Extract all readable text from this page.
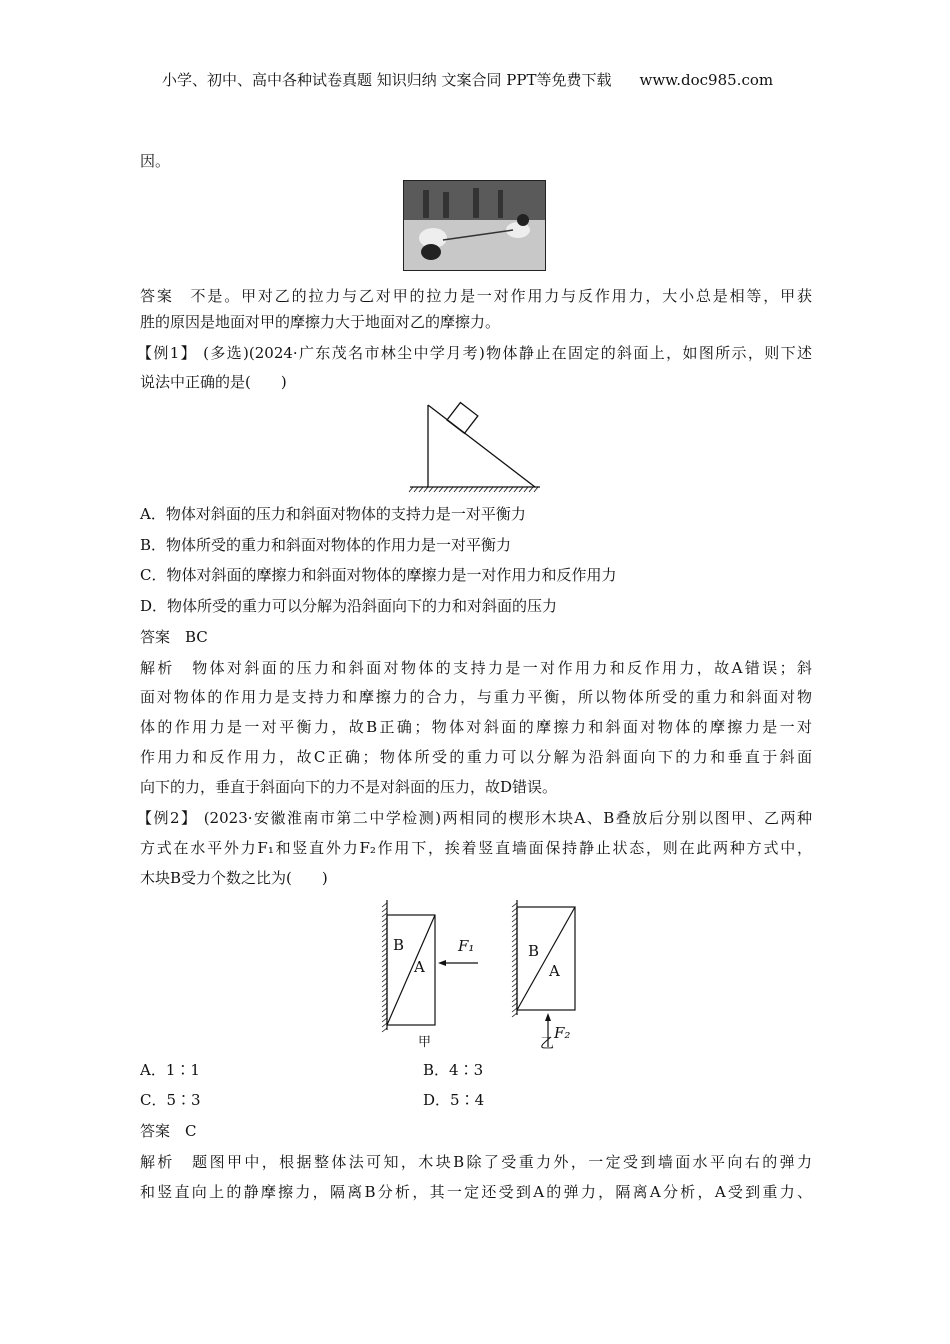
小学、初中、高中各种试卷真题 知识归纳 文案合同 PPT等免费下载 www.doc985.com
因。
答案　不是。甲对乙的拉力与乙对甲的拉力是一对作用力与反作用力，大小总是相等，甲获
胜的原因是地面对甲的摩擦力大于地面对乙的摩擦力。
【例1】 (多选)(2024·广东茂名市林尘中学月考)物体静止在固定的斜面上，如图所示，则下述
说法中正确的是(　　)
A．物体对斜面的压力和斜面对物体的支持力是一对平衡力
B．物体所受的重力和斜面对物体的作用力是一对平衡力
C．物体对斜面的摩擦力和斜面对物体的摩擦力是一对作用力和反作用力
D．物体所受的重力可以分解为沿斜面向下的力和对斜面的压力
答案　BC
解析　物体对斜面的压力和斜面对物体的支持力是一对作用力和反作用力，故A错误；斜
面对物体的作用力是支持力和摩擦力的合力，与重力平衡，所以物体所受的重力和斜面对物
体的作用力是一对平衡力，故B正确；物体对斜面的摩擦力和斜面对物体的摩擦力是一对
作用力和反作用力，故C正确；物体所受的重力可以分解为沿斜面向下的力和垂直于斜面
向下的力，垂直于斜面向下的力不是对斜面的压力，故D错误。
【例2】 (2023·安徽淮南市第二中学检测)两相同的楔形木块A、B叠放后分别以图甲、乙两种
方式在水平外力F₁和竖直外力F₂作用下，挨着竖直墙面保持静止状态，则在此两种方式中，
木块B受力个数之比为(　　)
B
A
F₁	B
A
F₂
甲	乙
A．1∶1	B．4∶3
C．5∶3	D．5∶4
答案　C
解析　题图甲中，根据整体法可知，木块B除了受重力外，一定受到墙面水平向右的弹力
和竖直向上的静摩擦力，隔离B分析，其一定还受到A的弹力，隔离A分析，A受到重力、
